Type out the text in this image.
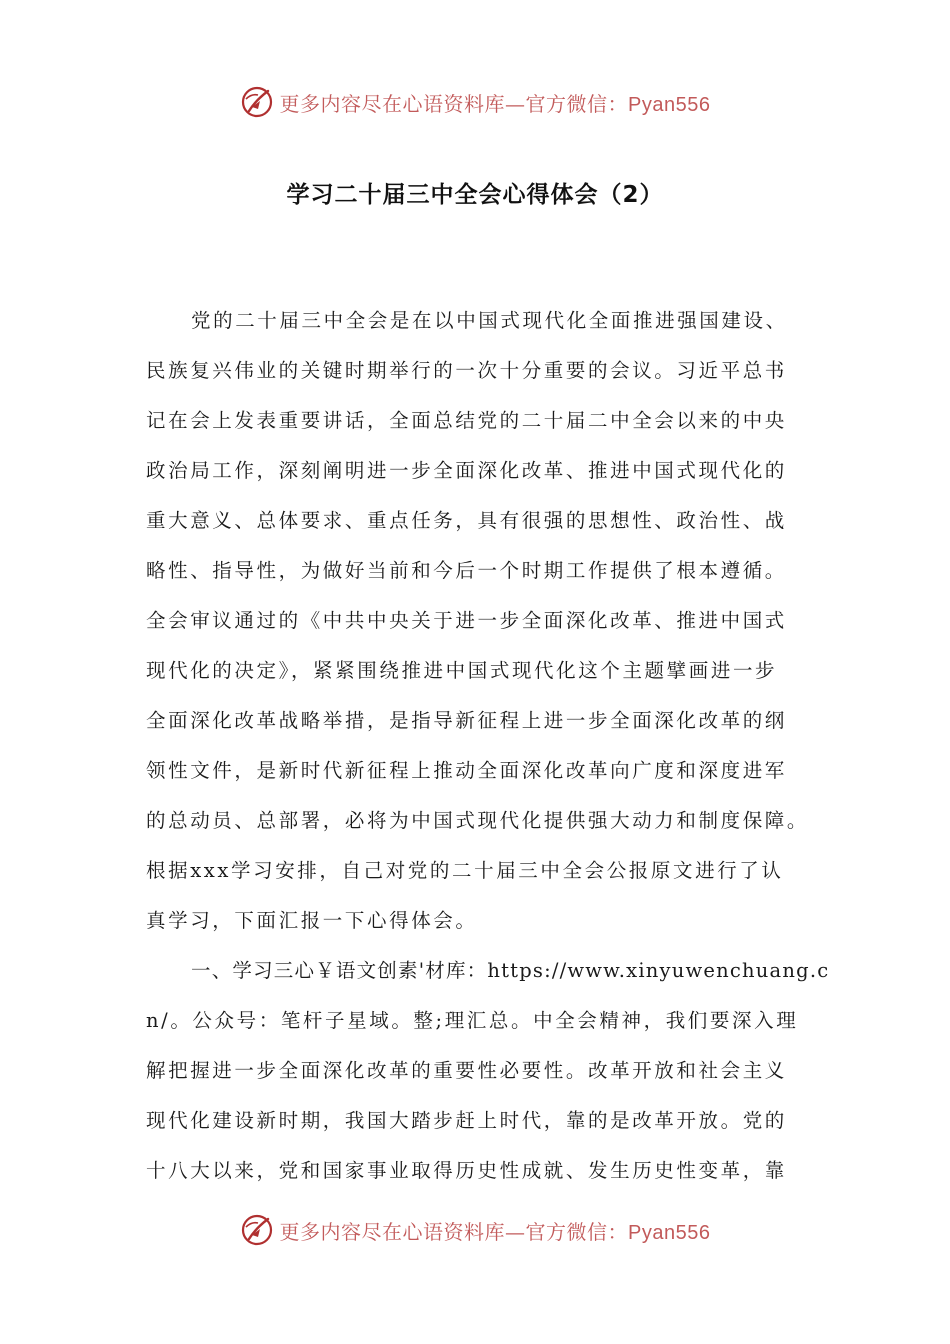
更多内容尽在心语资料库—官方微信：Pyan556
学习二十届三中全会心得体会（2）
党的二十届三中全会是在以中国式现代化全面推进强国建设、
民族复兴伟业的关键时期举行的一次十分重要的会议。习近平总书
记在会上发表重要讲话，全面总结党的二十届二中全会以来的中央
政治局工作，深刻阐明进一步全面深化改革、推进中国式现代化的
重大意义、总体要求、重点任务，具有很强的思想性、政治性、战
略性、指导性，为做好当前和今后一个时期工作提供了根本遵循。
全会审议通过的《中共中央关于进一步全面深化改革、推进中国式
现代化的决定》，紧紧围绕推进中国式现代化这个主题擘画进一步
全面深化改革战略举措，是指导新征程上进一步全面深化改革的纲
领性文件，是新时代新征程上推动全面深化改革向广度和深度进军
的总动员、总部署，必将为中国式现代化提供强大动力和制度保障。
根据xxx学习安排，自己对党的二十届三中全会公报原文进行了认
真学习，下面汇报一下心得体会。
一、学习三心￥语文创素'材库：https://www.xinyuwenchuang.c
n/。公众号：笔杆子星域。整;理汇总。中全会精神，我们要深入理
解把握进一步全面深化改革的重要性必要性。改革开放和社会主义
现代化建设新时期，我国大踏步赶上时代，靠的是改革开放。党的
十八大以来，党和国家事业取得历史性成就、发生历史性变革，靠
更多内容尽在心语资料库—官方微信：Pyan556
